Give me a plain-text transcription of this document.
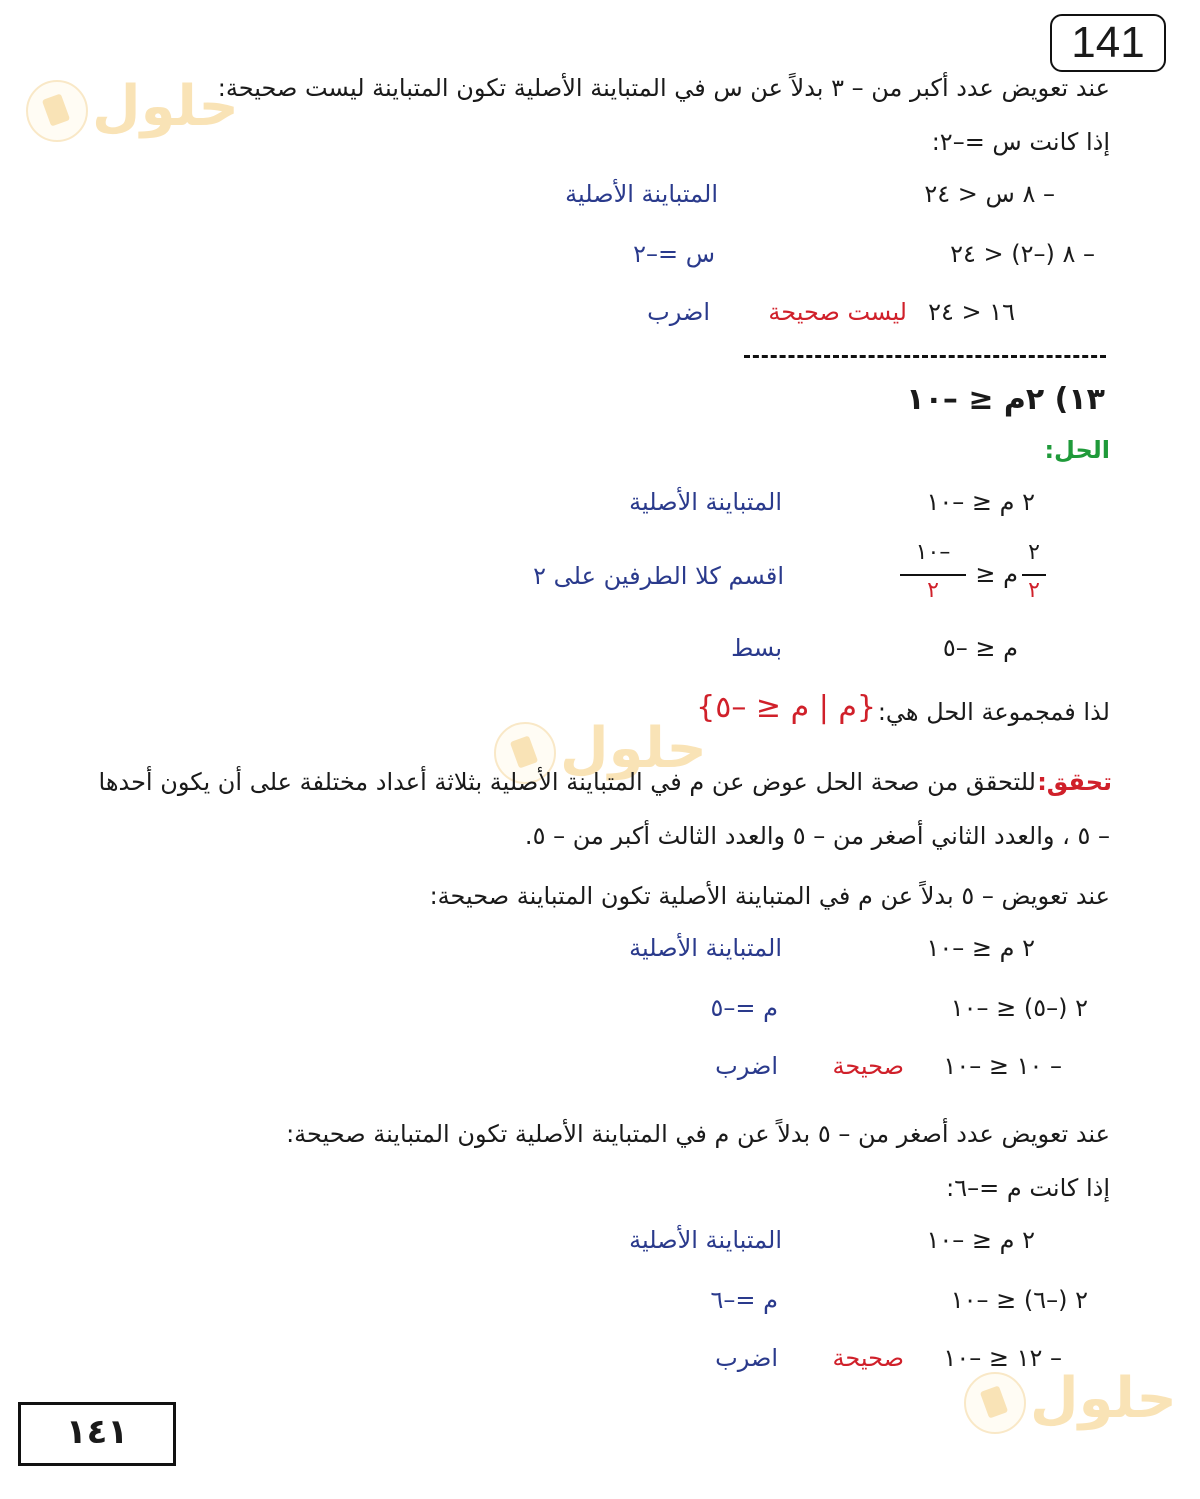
141
حلول
حلول
حلول
عند تعويض عدد أكبر من – ٣ بدلاً عن س في المتباينة الأصلية تكون المتباينة ليست صحيحة:
إذا كانت س =–٢:
– ٨ س < ٢٤
المتباينة الأصلية
– ٨ (–٢) < ٢٤
س =–٢
١٦ < ٢٤
ليست صحيحة
اضرب
١٣) ٢م ≤ –١٠
الحل:
٢ م ≤ –١٠
المتباينة الأصلية
٢
٢
م ≤
–١٠
٢
اقسم كلا الطرفين على ٢
م ≤ –٥
بسط
لذا فمجموعة الحل هي:
{م | م ≤ –٥}
تحقق:
للتحقق من صحة الحل عوض عن م في المتباينة الأصلية بثلاثة أعداد مختلفة على أن يكون أحدها
– ٥ ، والعدد الثاني أصغر من – ٥ والعدد الثالث أكبر من – ٥.
عند تعويض – ٥ بدلاً عن م في المتباينة الأصلية تكون المتباينة صحيحة:
٢ م ≤ –١٠
المتباينة الأصلية
٢ (–٥) ≤ –١٠
م =–٥
– ١٠ ≤ –١٠
صحيحة
اضرب
عند تعويض عدد أصغر من – ٥ بدلاً عن م في المتباينة الأصلية تكون المتباينة صحيحة:
إذا كانت م =–٦:
٢ م ≤ –١٠
المتباينة الأصلية
٢ (–٦) ≤ –١٠
م =–٦
– ١٢ ≤ –١٠
صحيحة
اضرب
١٤١
